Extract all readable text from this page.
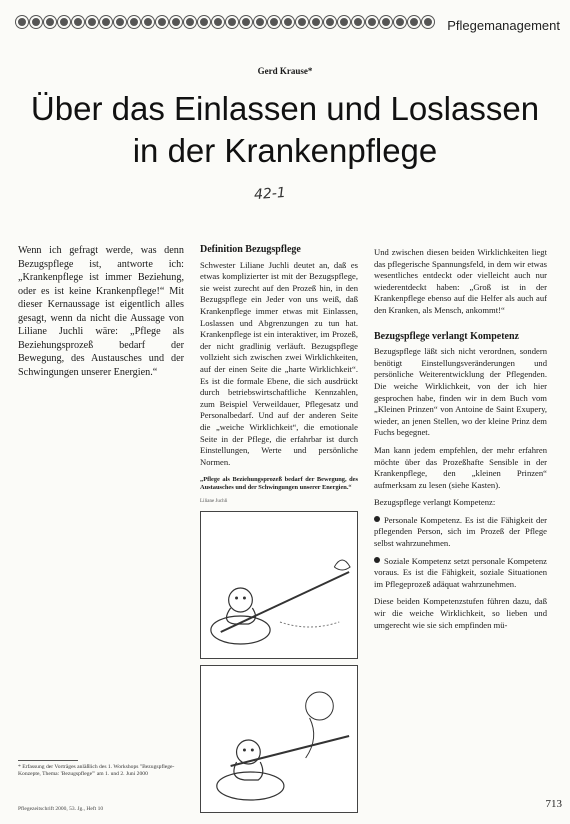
Pflegemanagement
Gerd Krause*
Über das Einlassen und Loslassen
in der Krankenpflege
42-1

Wenn ich gefragt werde, was denn Bezugspflege ist, antworte ich: „Krankenpflege ist immer Beziehung, oder es ist keine Krankenpflege!“ Mit dieser Kernaussage ist eigentlich alles gesagt, wenn da nicht die Aussage von Liliane Juchli wäre: „Pflege als Beziehungsprozeß bedarf der Bewegung, des Austausches und der Schwingungen unserer Energien.“

Definition Bezugspflege

Schwester Liliane Juchli deutet an, daß es etwas komplizierter ist mit der Bezugspflege, sie weist zurecht auf den Prozeß hin, in den Bezugspflege ein Jeder von uns weiß, daß Krankenpflege immer etwas mit Einlassen, Loslassen und Abgrenzungen zu tun hat. Krankenpflege ist ein interaktiver, im Prozeß, der nicht gradlinig verläuft. Bezugspflege vollzieht sich zwischen zwei Wirklichkeiten, auf der einen Seite die „harte Wirklichkeit“. Es ist die formale Ebene, die sich ausdrückt durch betriebswirtschaftliche Kennzahlen, zum Beispiel Verweildauer, Pflegesatz und Personalbedarf. Und auf der anderen Seite die „weiche Wirklichkeit“, die emotionale Seite in der Pflege, die erfahrbar ist durch Einstellungen, Werte und persönliche Normen.

„Pflege als Beziehungsprozeß bedarf der Bewegung, des Austausches und der Schwingungen unserer Energien.“
Liliane Juchli

Und zwischen diesen beiden Wirklichkeiten liegt das pflegerische Spannungsfeld, in dem wir etwas wesentliches entdeckt oder vielleicht auch nur wiederentdeckt haben: „Groß ist in der Krankenpflege ebenso auf die Helfer als auch auf den Kranken, als Mensch, ankommt!“

Bezugspflege verlangt Kompetenz

Bezugspflege läßt sich nicht verordnen, sondern benötigt Einstellungsveränderungen und persönliche Weiterentwicklung der Pflegenden. Die weiche Wirklichkeit, von der ich hier gesprochen habe, finden wir in dem Buch vom „Kleinen Prinzen“ von Antoine de Saint Exupery, wieder, an jenen Stellen, wo der kleine Prinz dem Fuchs begegnet.

Man kann jedem empfehlen, der mehr erfahren möchte über das Prozeßhafte Sensible in der Krankenpflege, den „kleinen Prinzen“ aufmerksam zu lesen (siehe Kasten).

Bezugspflege verlangt Kompetenz:

Personale Kompetenz. Es ist die Fähigkeit der pflegenden Person, sich im Prozeß der Pflege selbst wahrzunehmen.

Soziale Kompetenz setzt personale Kompetenz voraus. Es ist die Fähigkeit, soziale Situationen im Pflegeprozeß adäquat wahrzunehmen.

Diese beiden Kompetenzstufen führen dazu, daß wir die weiche Wirklichkeit, so lieben und umgerecht wie sie sich empfinden mü-

* Erfassung der Vorträges anläßlich des 1. Workshops "Bezugspflege-Konzepte, Thema: 'Bezugspflege'" am 1. und 2. Juni 2000
Pflegezeitschrift 2000, 53. Jg., Heft 10	713
